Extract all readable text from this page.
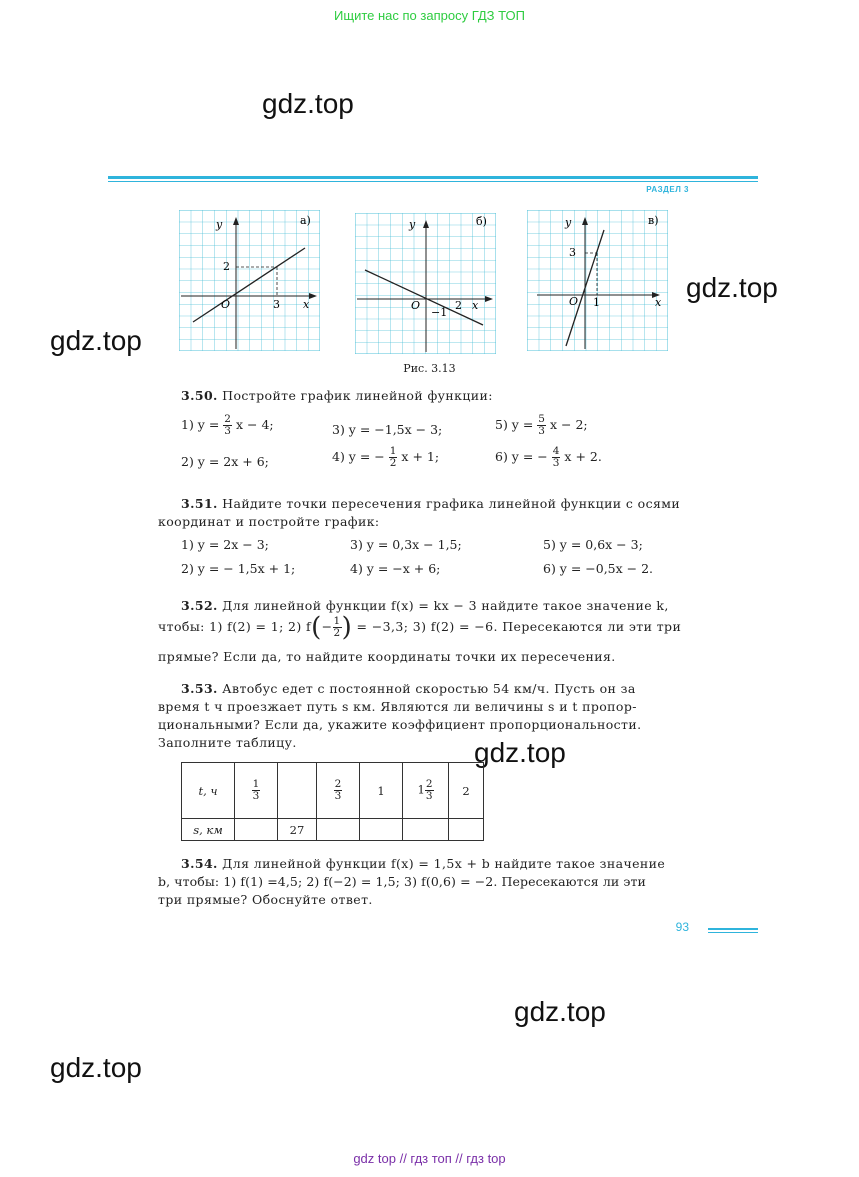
Ищите нас по запросу ГДЗ ТОП
gdz.top
gdz.top
gdz.top
gdz.top
gdz.top
gdz.top
РАЗДЕЛ 3
O
2
3
y
x
а)
O
−1
2
y
x
б)
O
3
1
y
x
в)
Рис. 3.13
3.50. Постройте график линейной функции:
1) $y = \frac{2}{3}$ x − 4;	3) y = −1,5x − 3;	5) $y = \frac{5}{3}$ x − 2;
2) y = 2x + 6;	4) y = − $\frac{1}{2}$ x + 1;	6) y = − $\frac{4}{3}$ x + 2.
3.51. Найдите точки пересечения графика линейной функции с осями
координат и постройте график:
1) y = 2x − 3;	3) y = 0,3x − 1,5;	5) y = 0,6x − 3;
2) y = − 1,5x + 1;	4) y = −x + 6;	6) y = −0,5x − 2.
3.52. Для линейной функции f(x) = kx − 3 найдите такое значение k,
чтобы: 1) f(2) = 1; 2) $f(- \frac{1}{2}$ ) = −3,3; 3) f(2) = −6. Пересекаются ли эти три
прямые? Если да, то найдите координаты точки их пересечения.
3.53. Автобус едет с постоянной скоростью 54 км/ч. Пусть он за
время t ч проезжает путь s км. Являются ли величины s и t пропор-
циональными? Если да, укажите коэффициент пропорциональности.
Заполните таблицу.
t, ч	$\frac{1}{3}$		$\frac{2}{3}$	1	$1 \frac{2}{3}$	2
s, км		27				
3.54. Для линейной функции f(x) = 1,5x + b найдите такое значение
b, чтобы: 1) f(1) =4,5; 2) f(−2) = 1,5; 3) f(0,6) = −2. Пересекаются ли эти
три прямые? Обоснуйте ответ.
93
gdz top // гдз топ // гдз top
